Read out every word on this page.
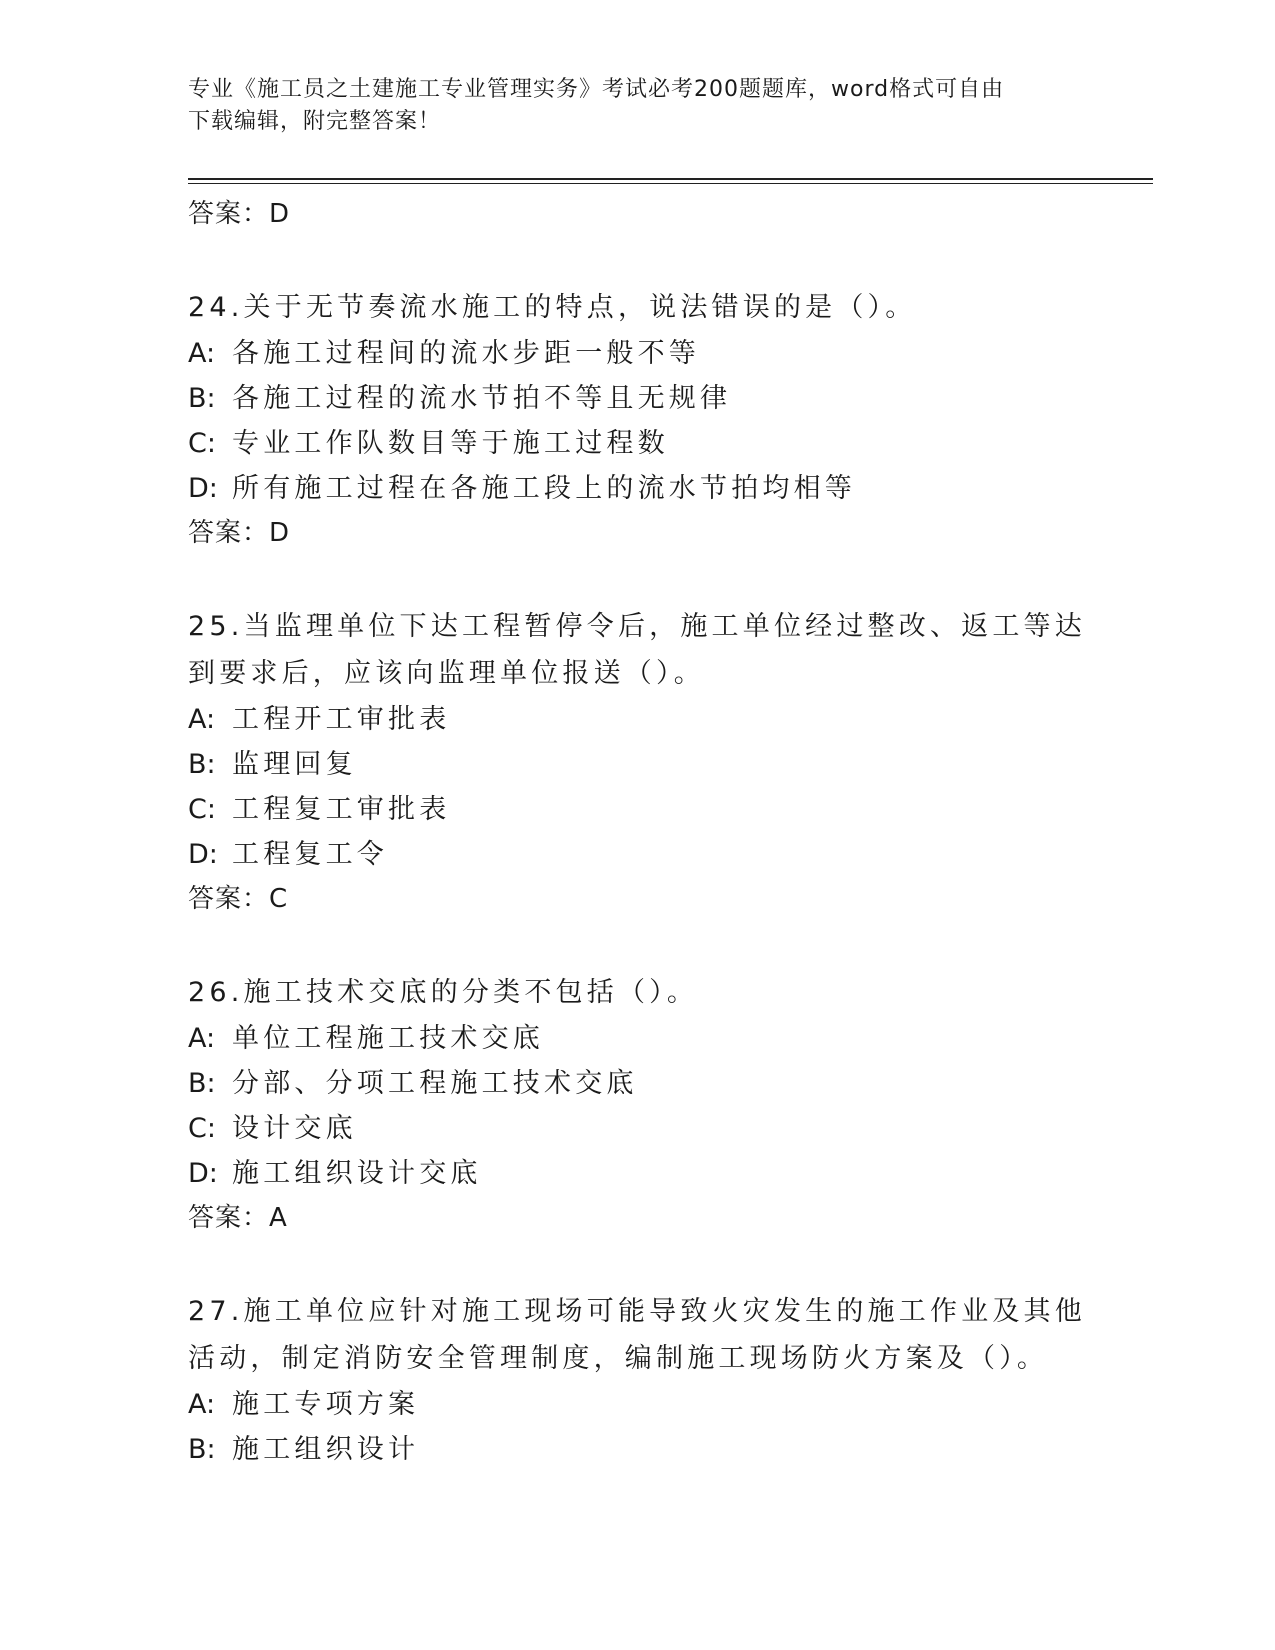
专业《施工员之土建施工专业管理实务》考试必考200题题库，word格式可自由
下载编辑，附完整答案！
答案：D
24.关于无节奏流水施工的特点，说法错误的是（）。
A: 各施工过程间的流水步距一般不等
B: 各施工过程的流水节拍不等且无规律
C: 专业工作队数目等于施工过程数
D: 所有施工过程在各施工段上的流水节拍均相等
答案：D
25.当监理单位下达工程暂停令后，施工单位经过整改、返工等达到要求后，应该向监理单位报送（）。
A: 工程开工审批表
B: 监理回复
C: 工程复工审批表
D: 工程复工令
答案：C
26.施工技术交底的分类不包括（）。
A: 单位工程施工技术交底
B: 分部、分项工程施工技术交底
C: 设计交底
D: 施工组织设计交底
答案：A
27.施工单位应针对施工现场可能导致火灾发生的施工作业及其他活动，制定消防安全管理制度，编制施工现场防火方案及（）。
A: 施工专项方案
B: 施工组织设计
